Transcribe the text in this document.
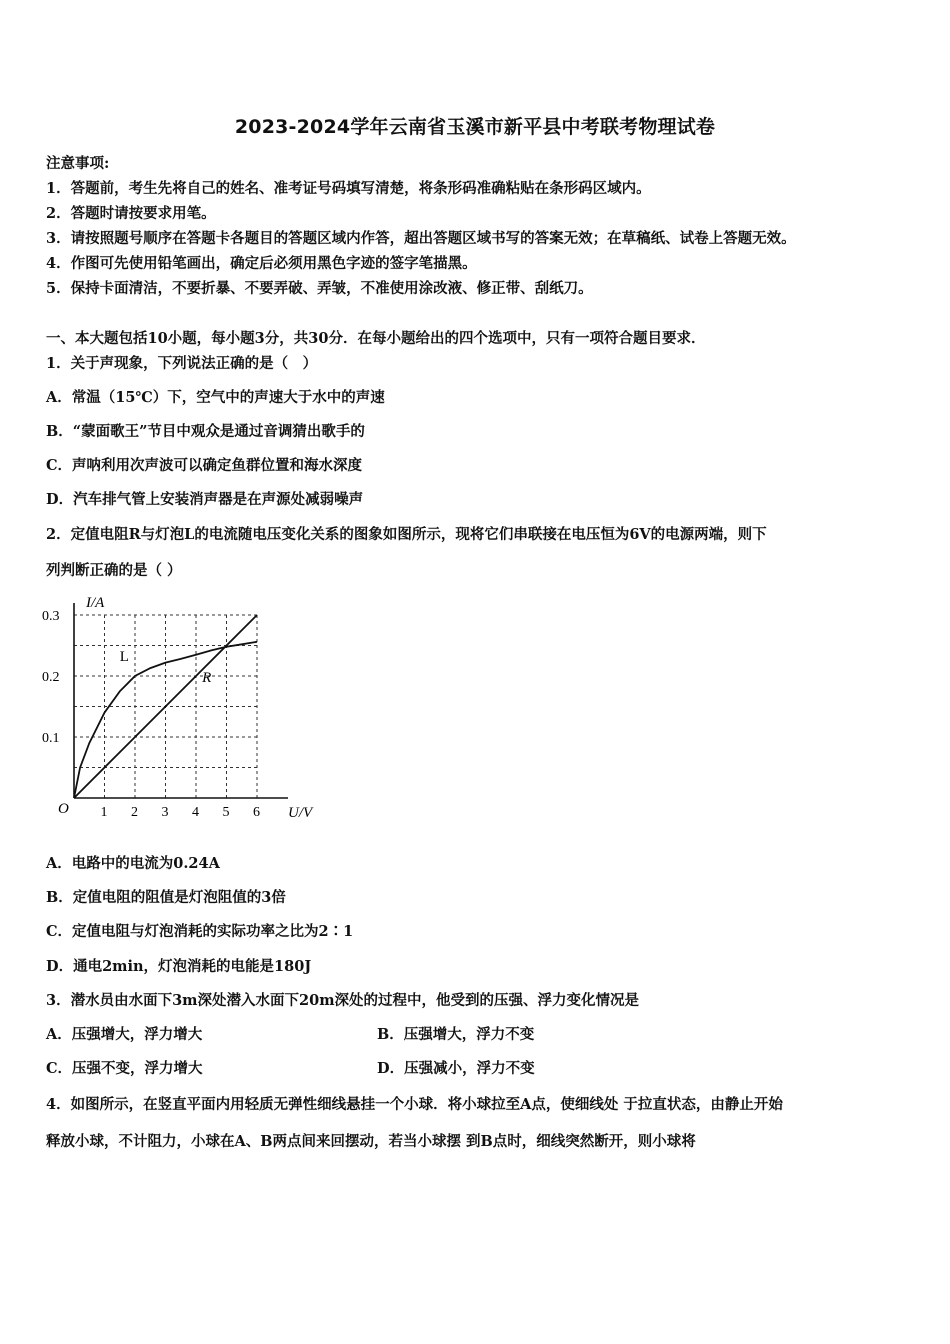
2023-2024学年云南省玉溪市新平县中考联考物理试卷
注意事项:
1．答题前，考生先将自己的姓名、准考证号码填写清楚，将条形码准确粘贴在条形码区域内。
2．答题时请按要求用笔。
3．请按照题号顺序在答题卡各题目的答题区域内作答，超出答题区域书写的答案无效；在草稿纸、试卷上答题无效。
4．作图可先使用铅笔画出，确定后必须用黑色字迹的签字笔描黑。
5．保持卡面清洁，不要折暴、不要弄破、弄皱，不准使用涂改液、修正带、刮纸刀。
一、本大题包括10小题，每小题3分，共30分．在每小题给出的四个选项中，只有一项符合题目要求．
1．关于声现象，下列说法正确的是（　）
A．常温（15℃）下，空气中的声速大于水中的声速
B．“蒙面歌王”节目中观众是通过音调猜出歌手的
C．声呐利用次声波可以确定鱼群位置和海水深度
D．汽车排气管上安装消声器是在声源处减弱噪声
2．定值电阻R与灯泡L的电流随电压变化关系的图象如图所示，现将它们串联接在电压恒为6V的电源两端，则下
列判断正确的是（ ）
1 2 3 4 5 6
0.1
0.2
0.3
L
R
I/A
U/V
O
A．电路中的电流为0.24A
B．定值电阻的阻值是灯泡阻值的3倍
C．定值电阻与灯泡消耗的实际功率之比为2∶1
D．通电2min，灯泡消耗的电能是180J
3．潜水员由水面下3m深处潜入水面下20m深处的过程中，他受到的压强、浮力变化情况是
A．压强增大，浮力增大	B．压强增大，浮力不变
C．压强不变，浮力增大	D．压强减小，浮力不变
4．如图所示，在竖直平面内用轻质无弹性细线悬挂一个小球．将小球拉至A点，使细线处 于拉直状态，由静止开始
释放小球，不计阻力，小球在A、B两点间来回摆动，若当小球摆 到B点时，细线突然断开，则小球将
